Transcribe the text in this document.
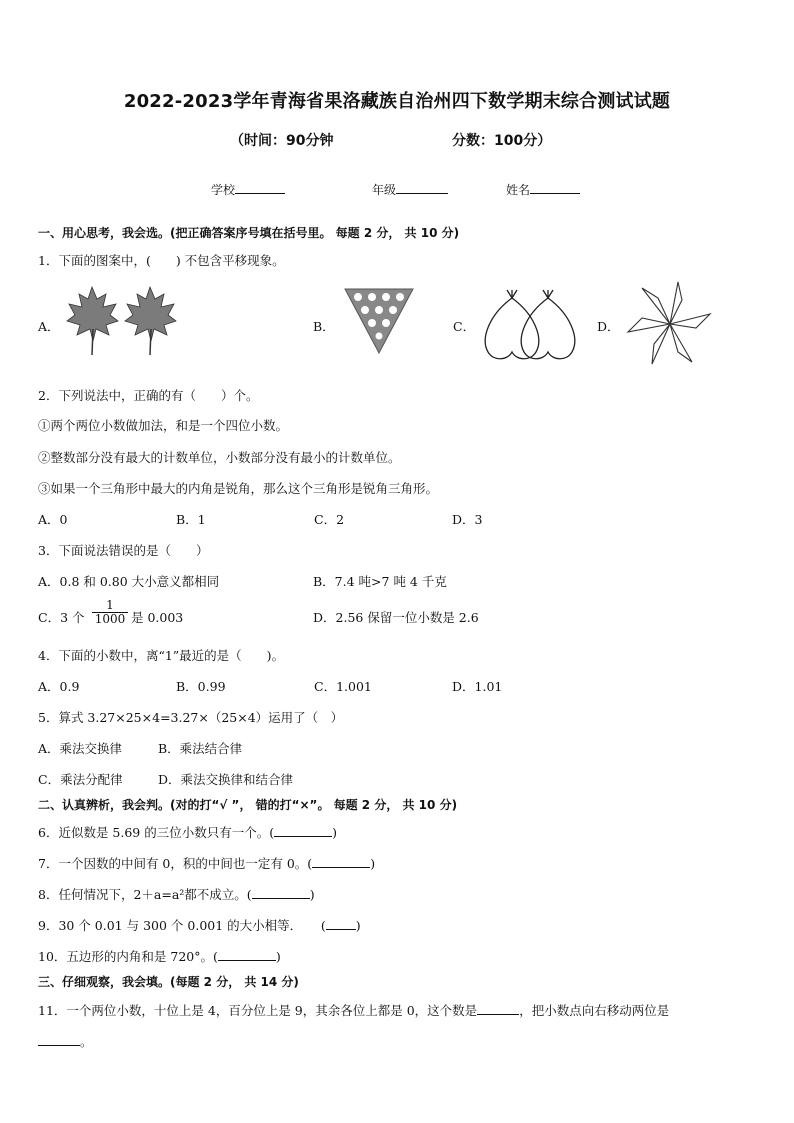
2022-2023学年青海省果洛藏族自治州四下数学期末综合测试试题
（时间：90分钟	分数：100分）
学校	年级	姓名
一、用心思考，我会选。(把正确答案序号填在括号里。 每题 2 分， 共 10 分)
1．下面的图案中，(　　) 不包含平移现象。
A．	B．	C．	D．
2．下列说法中，正确的有（　　）个。
①两个两位小数做加法，和是一个四位小数。
②整数部分没有最大的计数单位，小数部分没有最小的计数单位。
③如果一个三角形中最大的内角是锐角，那么这个三角形是锐角三角形。
A．0	B．1	C．2	D．3
3．下面说法错误的是（　　）
A．0.8 和 0.80 大小意义都相同	B．7.4 吨>7 吨 4 千克
C．3 个 $\frac{1}{1000}$ 是 0.003	D．2.56 保留一位小数是 2.6
4．下面的小数中，离“1”最近的是（　　)。
A．0.9	B．0.99	C．1.001	D．1.01
5．算式 3.27×25×4=3.27×（25×4）运用了（　）
A．乘法交换律	B．乘法结合律
C．乘法分配律	D．乘法交换律和结合律
二、认真辨析，我会判。(对的打“√ ”， 错的打“×”。 每题 2 分， 共 10 分)
6．近似数是 5.69 的三位小数只有一个。(	)
7．一个因数的中间有 0，积的中间也一定有 0。(	)
8．任何情况下，2＋a=a²都不成立。(	)
9．30 个 0.01 与 300 个 0.001 的大小相等．　　( )
10．五边形的内角和是 720°。(	)
三、仔细观察，我会填。(每题 2 分， 共 14 分)
11．一个两位小数，十位上是 4，百分位上是 9，其余各位上都是 0，这个数是	，把小数点向右移动两位是
。
